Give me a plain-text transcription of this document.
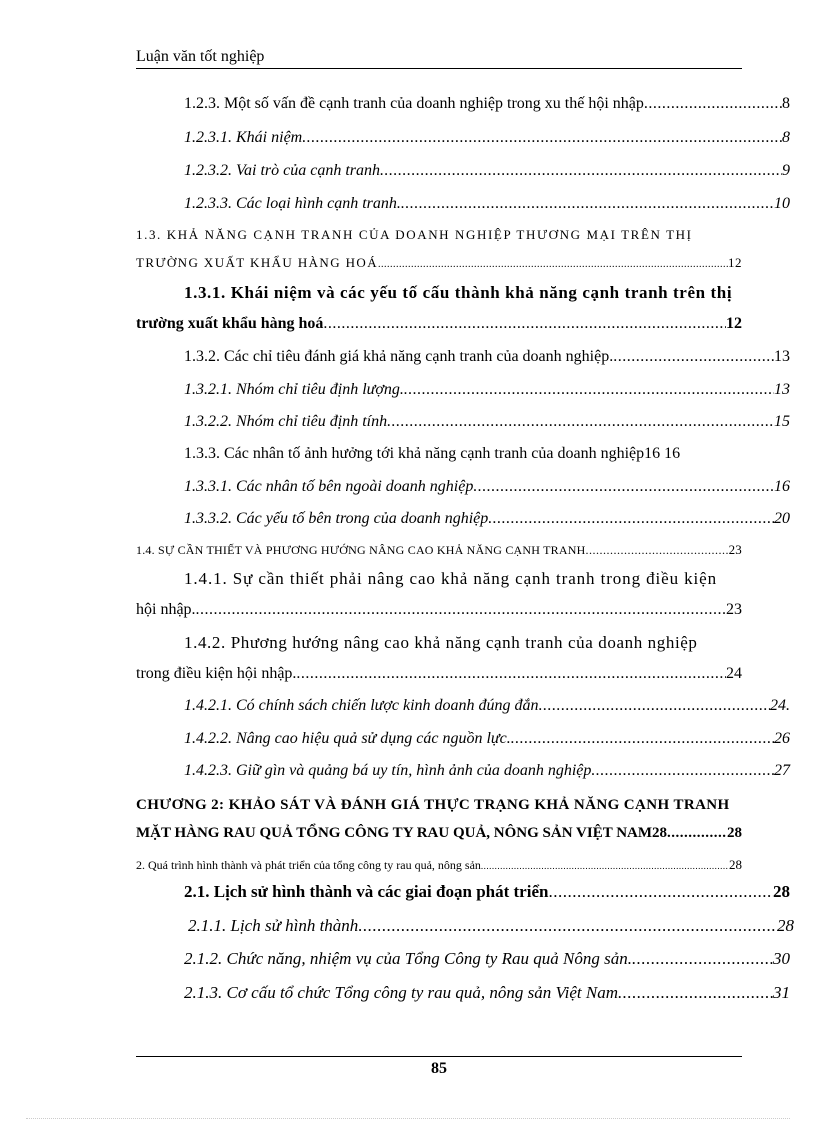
Luận văn tốt nghiệp
1.2.3. Một số vấn đề cạnh tranh của doanh nghiệp trong xu thế hội nhập .....	8
1.2.3.1. Khái niệm .....	8
1.2.3.2. Vai trò của cạnh tranh .....	9
1.2.3.3. Các loại hình cạnh tranh. .....	10
1.3. KHẢ NĂNG CẠNH TRANH CỦA DOANH NGHIỆP THƯƠNG MẠI TRÊN THỊ
TRƯỜNG XUẤT KHẨU HÀNG HOÁ .....	12
1.3.1. Khái niệm và các yếu tố cấu thành khả năng cạnh tranh trên thị
trường xuất khẩu hàng hoá .....	12
1.3.2. Các chỉ tiêu đánh giá khả năng cạnh tranh của doanh nghiệp. .....	13
1.3.2.1. Nhóm chỉ tiêu định lượng. .....	13
1.3.2.2. Nhóm chỉ tiêu định tính .....	15
1.3.3. Các nhân tố ảnh hưởng tới khả năng cạnh tranh của doanh nghiệp16 16
1.3.3.1. Các nhân tố bên ngoài doanh nghiệp .....	16
1.3.3.2. Các yếu tố bên trong của doanh nghiệp .....	20
1.4. SỰ CẦN THIẾT VÀ PHƯƠNG HƯỚNG NÂNG CAO KHẢ NĂNG CẠNH TRANH .....	23
1.4.1. Sự cần thiết phải nâng cao khả năng cạnh tranh trong điều kiện
hội nhập. .....	23
1.4.2. Phương hướng nâng cao khả năng cạnh tranh của doanh nghiệp
trong điều kiện hội nhập. .....	24
1.4.2.1. Có chính sách chiến lược kinh doanh đúng đắn .....	24.
1.4.2.2. Nâng cao hiệu quả sử dụng các nguồn lực. .....	26
1.4.2.3. Giữ gìn và quảng bá uy tín, hình ảnh của doanh nghiệp .....	27
CHƯƠNG 2: KHẢO SÁT VÀ ĐÁNH GIÁ THỰC TRẠNG KHẢ NĂNG CẠNH TRANH
MẶT HÀNG RAU QUẢ TỔNG CÔNG TY RAU QUẢ, NÔNG SẢN VIỆT NAM28 .....	28
2. Quá trình hình thành và phát triển của tổng công ty rau quả, nông sản .....	28
2.1. Lịch sử hình thành và các giai đoạn phát triển .....	28
2.1.1. Lịch sử hình thành .....	28
2.1.2. Chức năng, nhiệm vụ của Tổng Công ty Rau quả Nông sản. .....	30
2.1.3. Cơ cấu tổ chức Tổng công ty rau quả, nông sản Việt Nam .....	31
85
